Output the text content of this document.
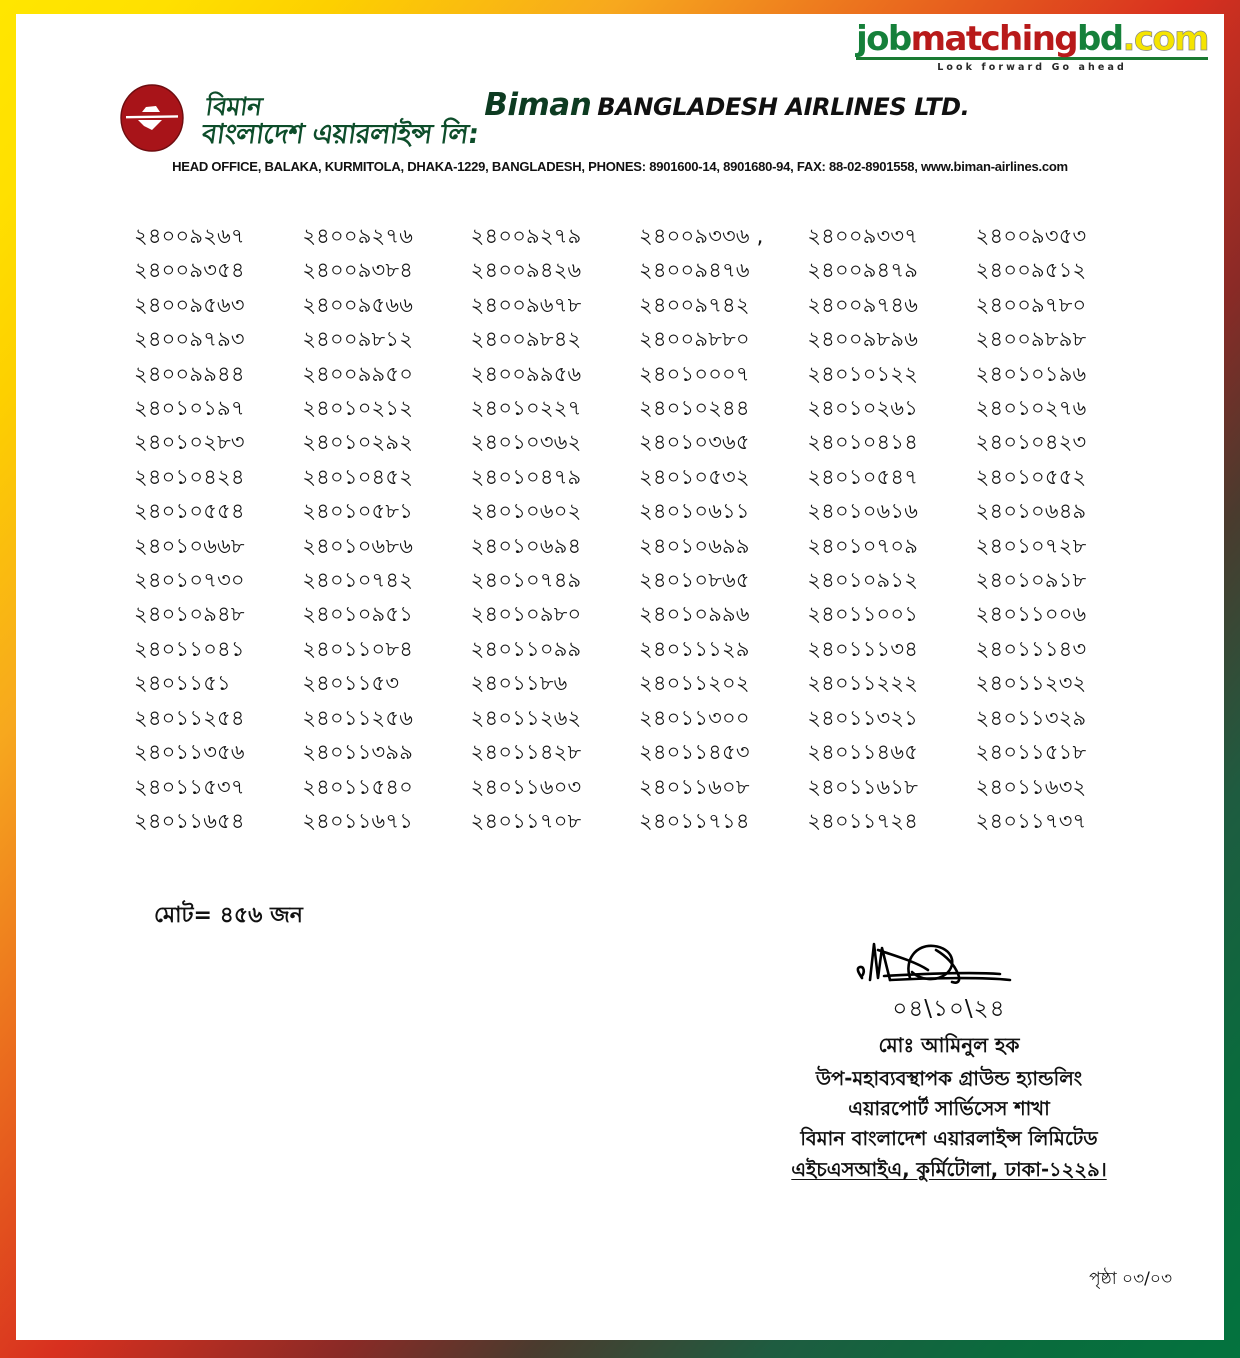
jobmatchingbd.com
Look forward Go ahead
বিমান
বাংলাদেশ এয়ারলাইন্স লি:
Biman BANGLADESH AIRLINES LTD.
HEAD OFFICE, BALAKA, KURMITOLA, DHAKA-1229, BANGLADESH, PHONES: 8901600-14, 8901680-94, FAX: 88-02-8901558, www.biman-airlines.com
২৪০০৯২৬৭	২৪০০৯২৭৬	২৪০০৯২৭৯	২৪০০৯৩৩৬ ,	২৪০০৯৩৩৭	২৪০০৯৩৫৩
২৪০০৯৩৫৪	২৪০০৯৩৮৪	২৪০০৯৪২৬	২৪০০৯৪৭৬	২৪০০৯৪৭৯	২৪০০৯৫১২
২৪০০৯৫৬৩	২৪০০৯৫৬৬	২৪০০৯৬৭৮	২৪০০৯৭৪২	২৪০০৯৭৪৬	২৪০০৯৭৮০
২৪০০৯৭৯৩	২৪০০৯৮১২	২৪০০৯৮৪২	২৪০০৯৮৮০	২৪০০৯৮৯৬	২৪০০৯৮৯৮
২৪০০৯৯৪৪	২৪০০৯৯৫০	২৪০০৯৯৫৬	২৪০১০০০৭	২৪০১০১২২	২৪০১০১৯৬
২৪০১০১৯৭	২৪০১০২১২	২৪০১০২২৭	২৪০১০২৪৪	২৪০১০২৬১	২৪০১০২৭৬
২৪০১০২৮৩	২৪০১০২৯২	২৪০১০৩৬২	২৪০১০৩৬৫	২৪০১০৪১৪	২৪০১০৪২৩
২৪০১০৪২৪	২৪০১০৪৫২	২৪০১০৪৭৯	২৪০১০৫৩২	২৪০১০৫৪৭	২৪০১০৫৫২
২৪০১০৫৫৪	২৪০১০৫৮১	২৪০১০৬০২	২৪০১০৬১১	২৪০১০৬১৬	২৪০১০৬৪৯
২৪০১০৬৬৮	২৪০১০৬৮৬	২৪০১০৬৯৪	২৪০১০৬৯৯	২৪০১০৭০৯	২৪০১০৭২৮
২৪০১০৭৩০	২৪০১০৭৪২	২৪০১০৭৪৯	২৪০১০৮৬৫	২৪০১০৯১২	২৪০১০৯১৮
২৪০১০৯৪৮	২৪০১০৯৫১	২৪০১০৯৮০	২৪০১০৯৯৬	২৪০১১০০১	২৪০১১০০৬
২৪০১১০৪১	২৪০১১০৮৪	২৪০১১০৯৯	২৪০১১১২৯	২৪০১১১৩৪	২৪০১১১৪৩
২৪০১১৫১	২৪০১১৫৩	২৪০১১৮৬	২৪০১১২০২	২৪০১১২২২	২৪০১১২৩২
২৪০১১২৫৪	২৪০১১২৫৬	২৪০১১২৬২	২৪০১১৩০০	২৪০১১৩২১	২৪০১১৩২৯
২৪০১১৩৫৬	২৪০১১৩৯৯	২৪০১১৪২৮	২৪০১১৪৫৩	২৪০১১৪৬৫	২৪০১১৫১৮
২৪০১১৫৩৭	২৪০১১৫৪০	২৪০১১৬০৩	২৪০১১৬০৮	২৪০১১৬১৮	২৪০১১৬৩২
২৪০১১৬৫৪	২৪০১১৬৭১	২৪০১১৭০৮	২৪০১১৭১৪	২৪০১১৭২৪	২৪০১১৭৩৭
মোট= ৪৫৬ জন
০৪\১০\২৪
মোঃ আমিনুল হক
উপ-মহাব্যবস্থাপক গ্রাউন্ড হ্যান্ডলিং
এয়ারপোর্ট সার্ভিসেস শাখা
বিমান বাংলাদেশ এয়ারলাইন্স লিমিটেড
এইচএসআইএ, কুর্মিটোলা, ঢাকা-১২২৯।
পৃষ্ঠা ০৩/০৩
